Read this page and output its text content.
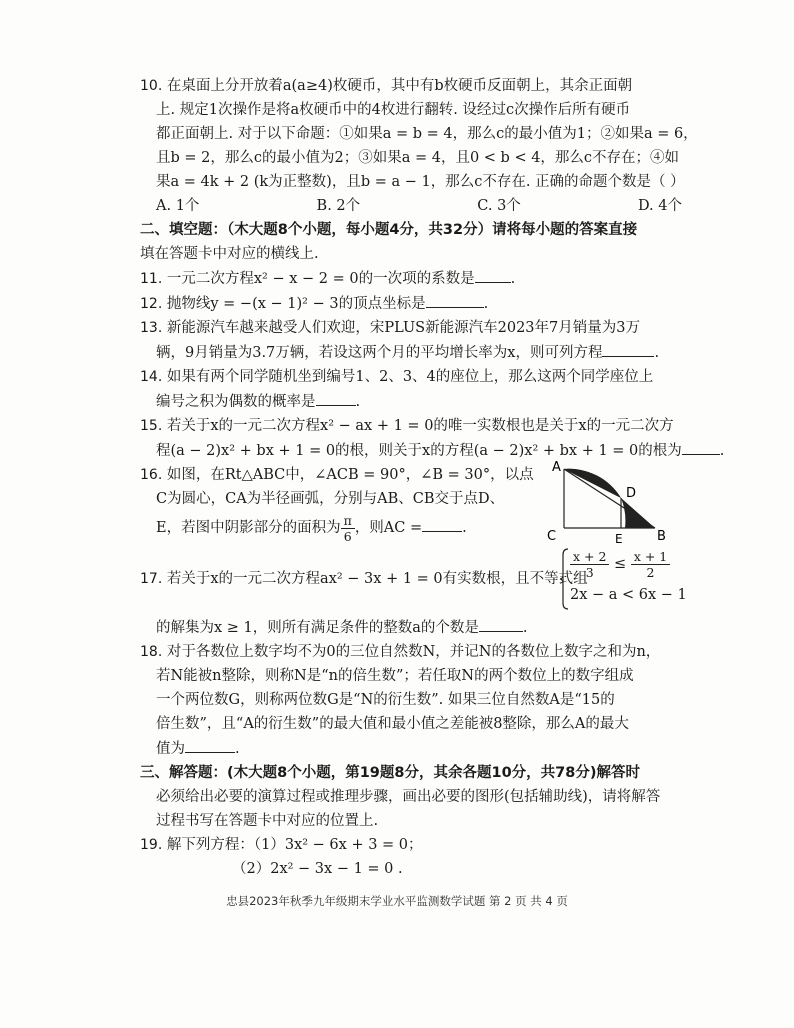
10. 在桌面上分开放着a(a≥4)枚硬币，其中有b枚硬币反面朝上，其余正面朝
上. 规定1次操作是将a枚硬币中的4枚进行翻转. 设经过c次操作后所有硬币
都正面朝上. 对于以下命题：①如果a = b = 4，那么c的最小值为1；②如果a = 6，
且b = 2，那么c的最小值为2；③如果a = 4，且0 < b < 4，那么c不存在；④如
果a = 4k + 2 (k为正整数)，且b = a − 1，那么c不存在. 正确的命题个数是（ ）
A. 1个	B. 2个	C. 3个	D. 4个
二、填空题：（木大题8个小题，每小题4分，共32分）请将每小题的答案直接
填在答题卡中对应的横线上.
11. 一元二次方程x² − x − 2 = 0的一次项的系数是 .
12. 抛物线y = −(x − 1)² − 3的顶点坐标是	.
13. 新能源汽车越来越受人们欢迎，宋PLUS新能源汽车2023年7月销量为3万
辆，9月销量为3.7万辆，若设这两个月的平均增长率为x，则可列方程	.
14. 如果有两个同学随机坐到编号1、2、3、4的座位上，那么这两个同学座位上
编号之积为偶数的概率是	.
15. 若关于x的一元二次方程x² − ax + 1 = 0的唯一实数根也是关于x的一元二次方
程(a − 2)x² + bx + 1 = 0的根，则关于x的方程(a − 2)x² + bx + 1 = 0的根为	.
16. 如图，在Rt△ABC中，∠ACB = 90°，∠B = 30°，以点
C为圆心，CA为半径画弧，分别与AB、CB交于点D、
E，若图中阴影部分的面积为 $\frac{\pi}{6}$ ，则AC =	.
A
B
C
D
E
17. 若关于x的一元二次方程ax² − 3x + 1 = 0有实数根，且不等式组
$\frac{x + 2}{3} \le \frac{x + 1}{2}$
2x − a < 6x − 1
的解集为x ≥ 1，则所有满足条件的整数a的个数是	.
18. 对于各数位上数字均不为0的三位自然数N，并记N的各数位上数字之和为n，
若N能被n整除，则称N是“n的倍生数”；若任取N的两个数位上的数字组成
一个两位数G，则称两位数G是“N的衍生数”. 如果三位自然数A是“15的
倍生数”，且“A的衍生数”的最大值和最小值之差能被8整除，那么A的最大
值为	.
三、解答题：(木大题8个小题，第19题8分，其余各题10分，共78分)解答时
必须给出必要的演算过程或推理步骤，画出必要的图形(包括辅助线)，请将解答
过程书写在答题卡中对应的位置上.
19. 解下列方程：（1）3x² − 6x + 3 = 0；
（2）2x² − 3x − 1 = 0 .
忠县2023年秋季九年级期末学业水平监测数学试题 第 2 页 共 4 页
